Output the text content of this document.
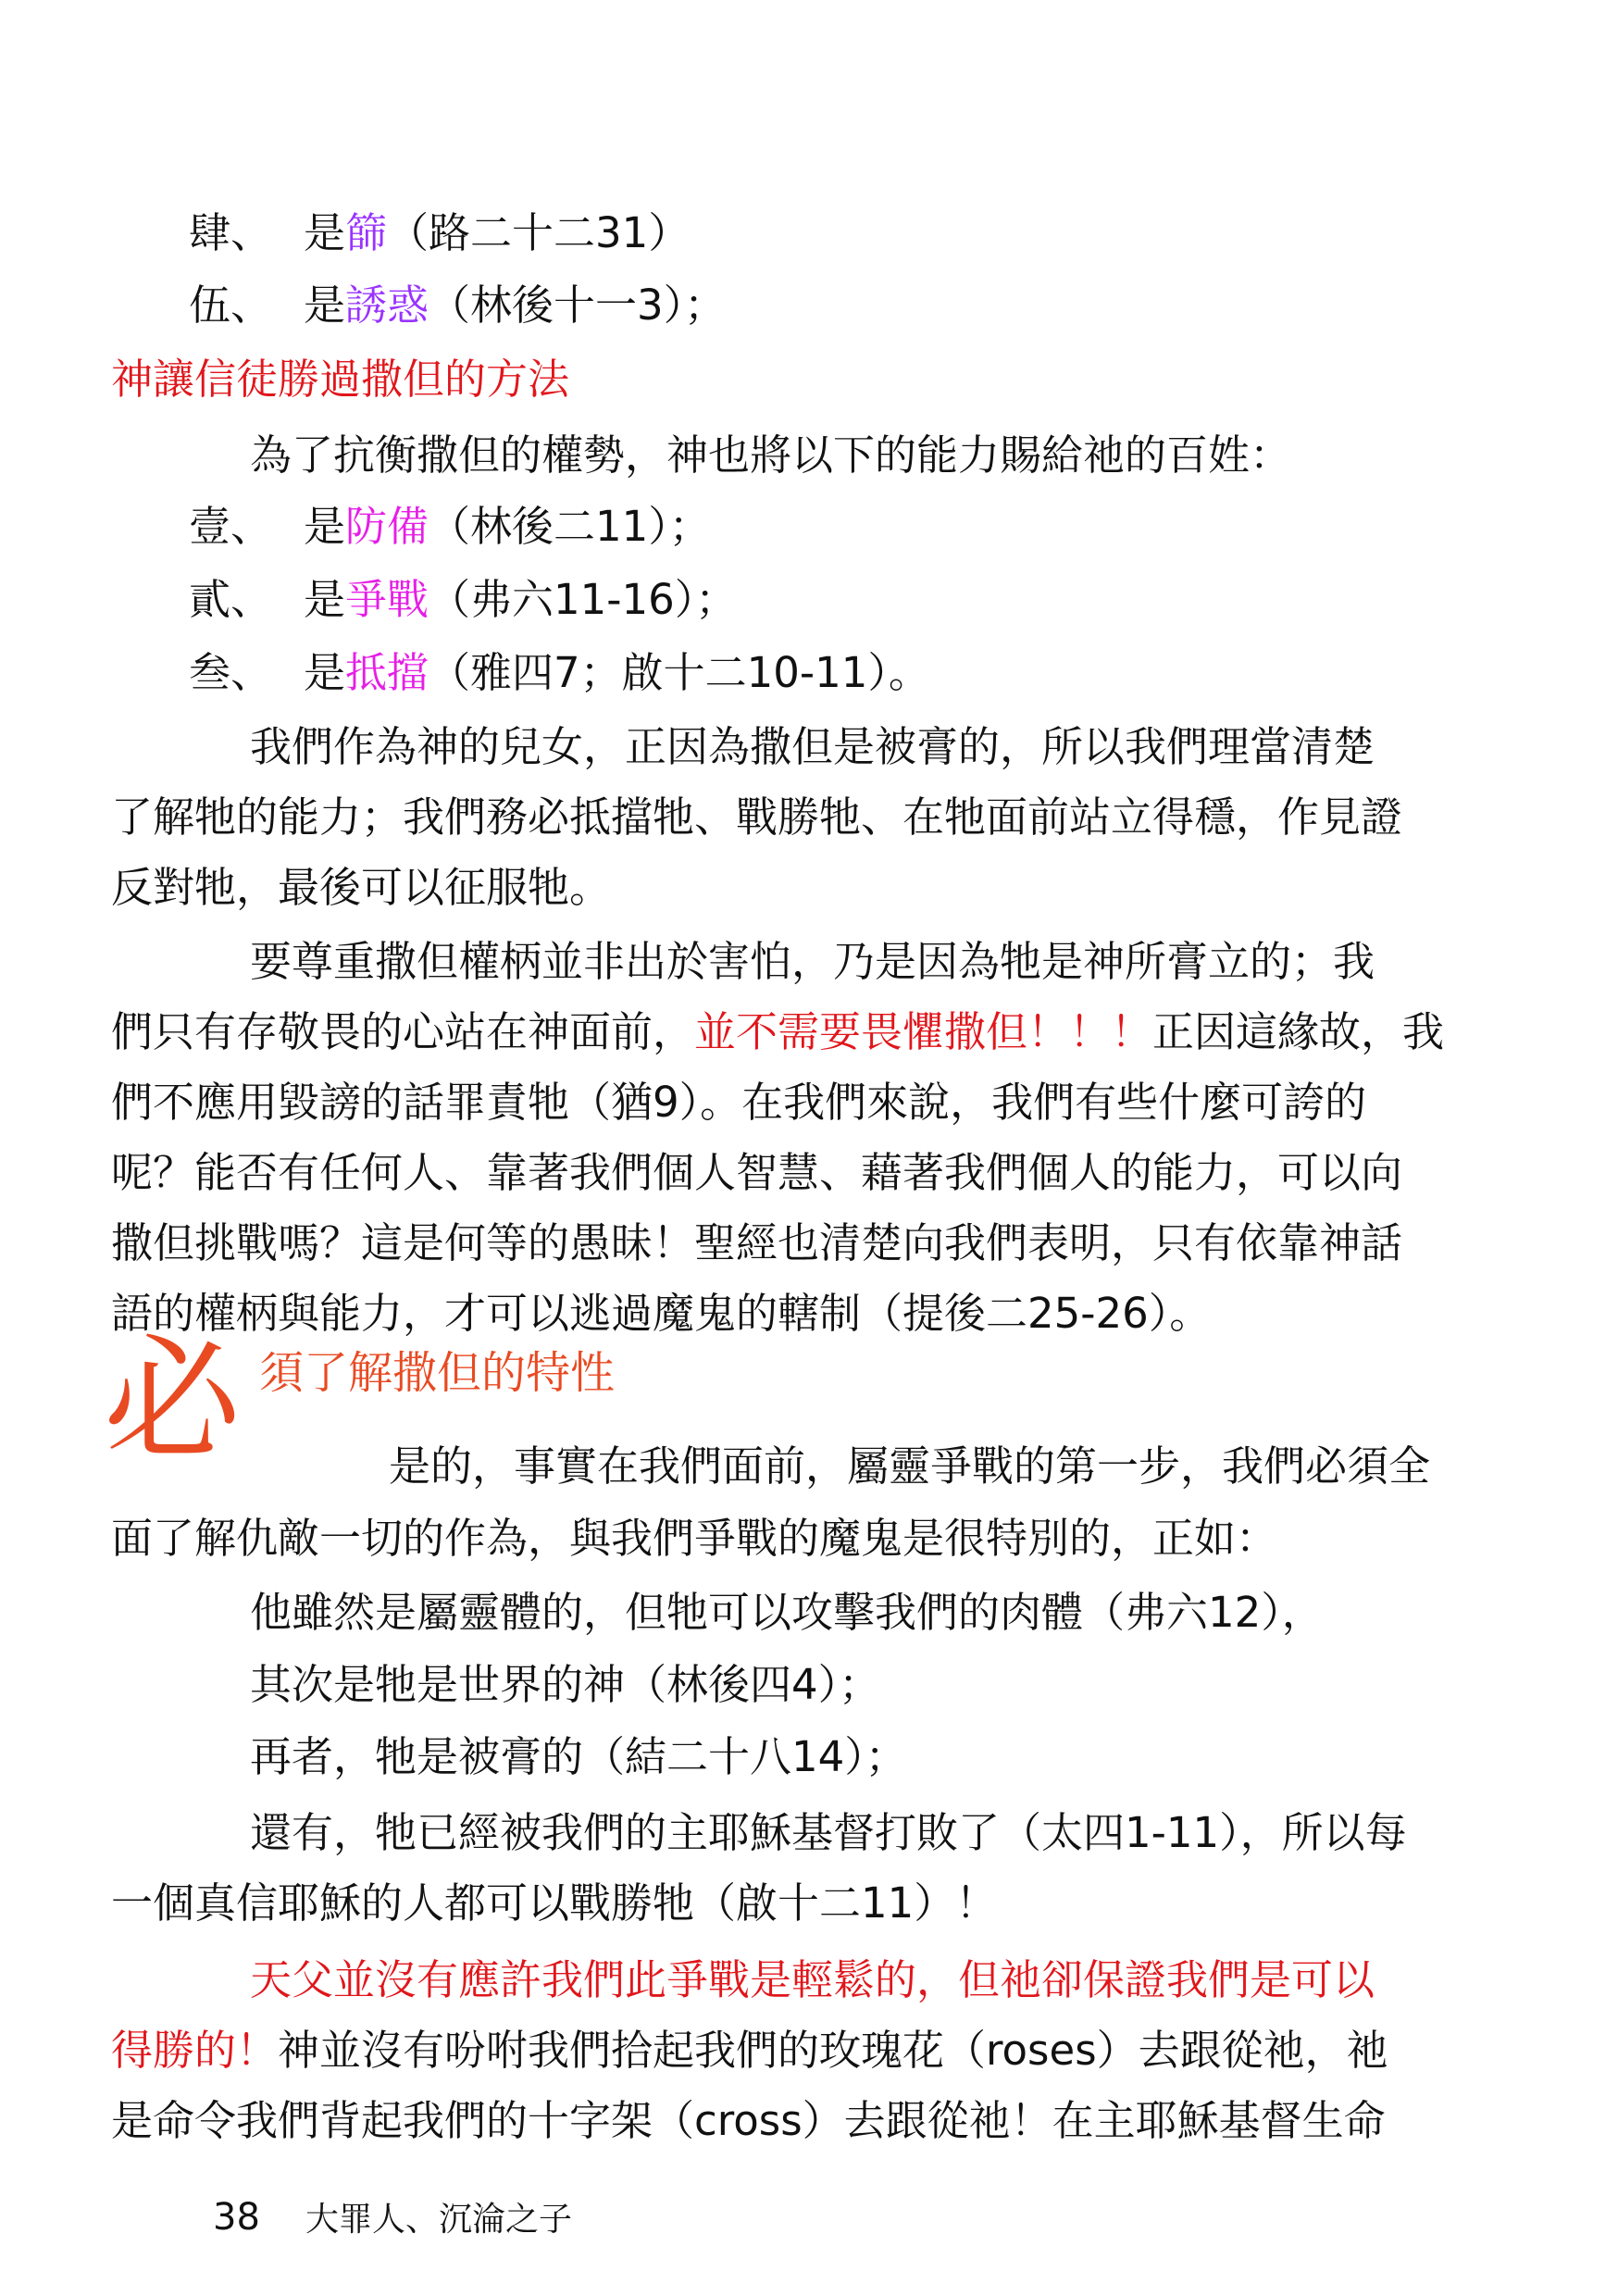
肆、 是篩（路二十二31）
伍、 是誘惑（林後十一3）；
神讓信徒勝過撒但的方法
為了抗衡撒但的權勢，神也將以下的能力賜給祂的百姓：
壹、 是防備（林後二11）；
貳、 是爭戰（弗六11-16）；
叁、 是抵擋（雅四7；啟十二10-11）。
我們作為神的兒女，正因為撒但是被膏的，所以我們理當清楚
了解牠的能力；我們務必抵擋牠、戰勝牠、在牠面前站立得穩，作見證
反對牠，最後可以征服牠。
要尊重撒但權柄並非出於害怕，乃是因為牠是神所膏立的；我
們只有存敬畏的心站在神面前，並不需要畏懼撒但！！！正因這緣故，我
們不應用毀謗的話罪責牠（猶9）。在我們來說，我們有些什麼可誇的
呢？能否有任何人、靠著我們個人智慧、藉著我們個人的能力，可以向
撒但挑戰嗎？這是何等的愚昧！聖經也清楚向我們表明，只有依靠神話
語的權柄與能力，才可以逃過魔鬼的轄制（提後二25-26）。
必 須了解撒但的特性
是的，事實在我們面前，屬靈爭戰的第一步，我們必須全
面了解仇敵一切的作為，與我們爭戰的魔鬼是很特別的，正如：
他雖然是屬靈體的，但牠可以攻擊我們的肉體（弗六12），
其次是牠是世界的神（林後四4）；
再者，牠是被膏的（結二十八14）；
還有，牠已經被我們的主耶穌基督打敗了（太四1-11），所以每
一個真信耶穌的人都可以戰勝牠（啟十二11）！
天父並沒有應許我們此爭戰是輕鬆的，但祂卻保證我們是可以
得勝的！神並沒有吩咐我們拾起我們的玫瑰花（roses）去跟從祂，祂
是命令我們背起我們的十字架（cross）去跟從祂！在主耶穌基督生命
38 大罪人、沉淪之子
